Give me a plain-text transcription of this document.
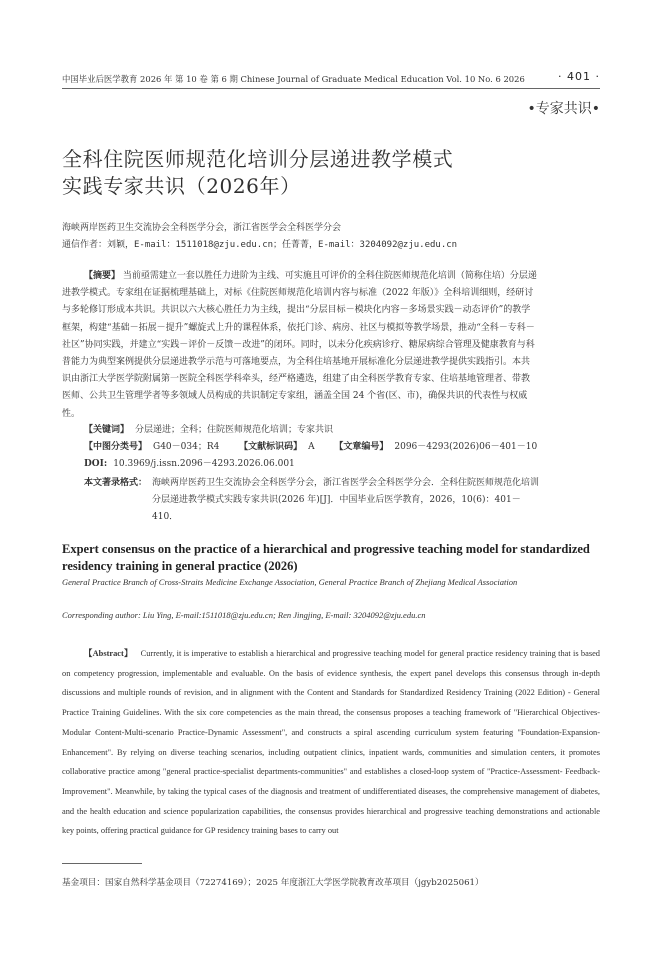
中国毕业后医学教育 2026 年 第 10 卷 第 6 期 Chinese Journal of Graduate Medical Education Vol. 10 No. 6 2026	· 401 ·
•专家共识•
全科住院医师规范化培训分层递进教学模式
实践专家共识（2026年）
海峡两岸医药卫生交流协会全科医学分会，浙江省医学会全科医学分会
通信作者：刘颖，E-mail：1511018@zju.edu.cn；任菁菁，E-mail：3204092@zju.edu.cn
【摘要】 当前亟需建立一套以胜任力进阶为主线、可实施且可评价的全科住院医师规范化培训（简称住培）分层递进教学模式。专家组在证据梳理基础上，对标《住院医师规范化培训内容与标准（2022 年版）》全科培训细则，经研讨与多轮修订形成本共识。共识以六大核心胜任力为主线，提出“分层目标－模块化内容－多场景实践－动态评价”的教学框架，构建“基础－拓展－提升”螺旋式上升的课程体系，依托门诊、病房、社区与模拟等教学场景，推动“全科－专科－社区”协同实践，并建立“实践－评价－反馈－改进”的闭环。同时，以未分化疾病诊疗、糖尿病综合管理及健康教育与科普能力为典型案例提供分层递进教学示范与可落地要点，为全科住培基地开展标准化分层递进教学提供实践指引。本共识由浙江大学医学院附属第一医院全科医学科牵头，经严格遴选，组建了由全科医学教育专家、住培基地管理者、带教医师、公共卫生管理学者等多领域人员构成的共识制定专家组，涵盖全国 24 个省(区、市)，确保共识的代表性与权威性。
【关键词】 分层递进；全科；住院医师规范化培训；专家共识
【中图分类号】 G40－034；R4 【文献标识码】 A 【文章编号】 2096－4293(2026)06－401－10
DOI: 10.3969/j.issn.2096－4293.2026.06.001
本文著录格式： 海峡两岸医药卫生交流协会全科医学分会，浙江省医学会全科医学分会．全科住院医师规范化培训分层递进教学模式实践专家共识(2026 年)[J]．中国毕业后医学教育，2026，10(6)：401－410．
Expert consensus on the practice of a hierarchical and progressive teaching model for standardized residency training in general practice (2026)
General Practice Branch of Cross-Straits Medicine Exchange Association, General Practice Branch of Zhejiang Medical Association
Corresponding author: Liu Ying, E-mail:1511018@zju.edu.cn; Ren Jingjing, E-mail: 3204092@zju.edu.cn
【Abstract】 Currently, it is imperative to establish a hierarchical and progressive teaching model for general practice residency training that is based on competency progression, implementable and evaluable. On the basis of evidence synthesis, the expert panel develops this consensus through in-depth discussions and multiple rounds of revision, and in alignment with the Content and Standards for Standardized Residency Training (2022 Edition) - General Practice Training Guidelines. With the six core competencies as the main thread, the consensus proposes a teaching framework of "Hierarchical Objectives-Modular Content-Multi-scenario Practice-Dynamic Assessment", and constructs a spiral ascending curriculum system featuring "Foundation-Expansion-Enhancement". By relying on diverse teaching scenarios, including outpatient clinics, inpatient wards, communities and simulation centers, it promotes collaborative practice among "general practice-specialist departments-communities" and establishes a closed-loop system of "Practice-Assessment- Feedback-Improvement". Meanwhile, by taking the typical cases of the diagnosis and treatment of undifferentiated diseases, the comprehensive management of diabetes, and the health education and science popularization capabilities, the consensus provides hierarchical and progressive teaching demonstrations and actionable key points, offering practical guidance for GP residency training bases to carry out
基金项目：国家自然科学基金项目（72274169）；2025 年度浙江大学医学院教育改革项目（jgyb2025061）
